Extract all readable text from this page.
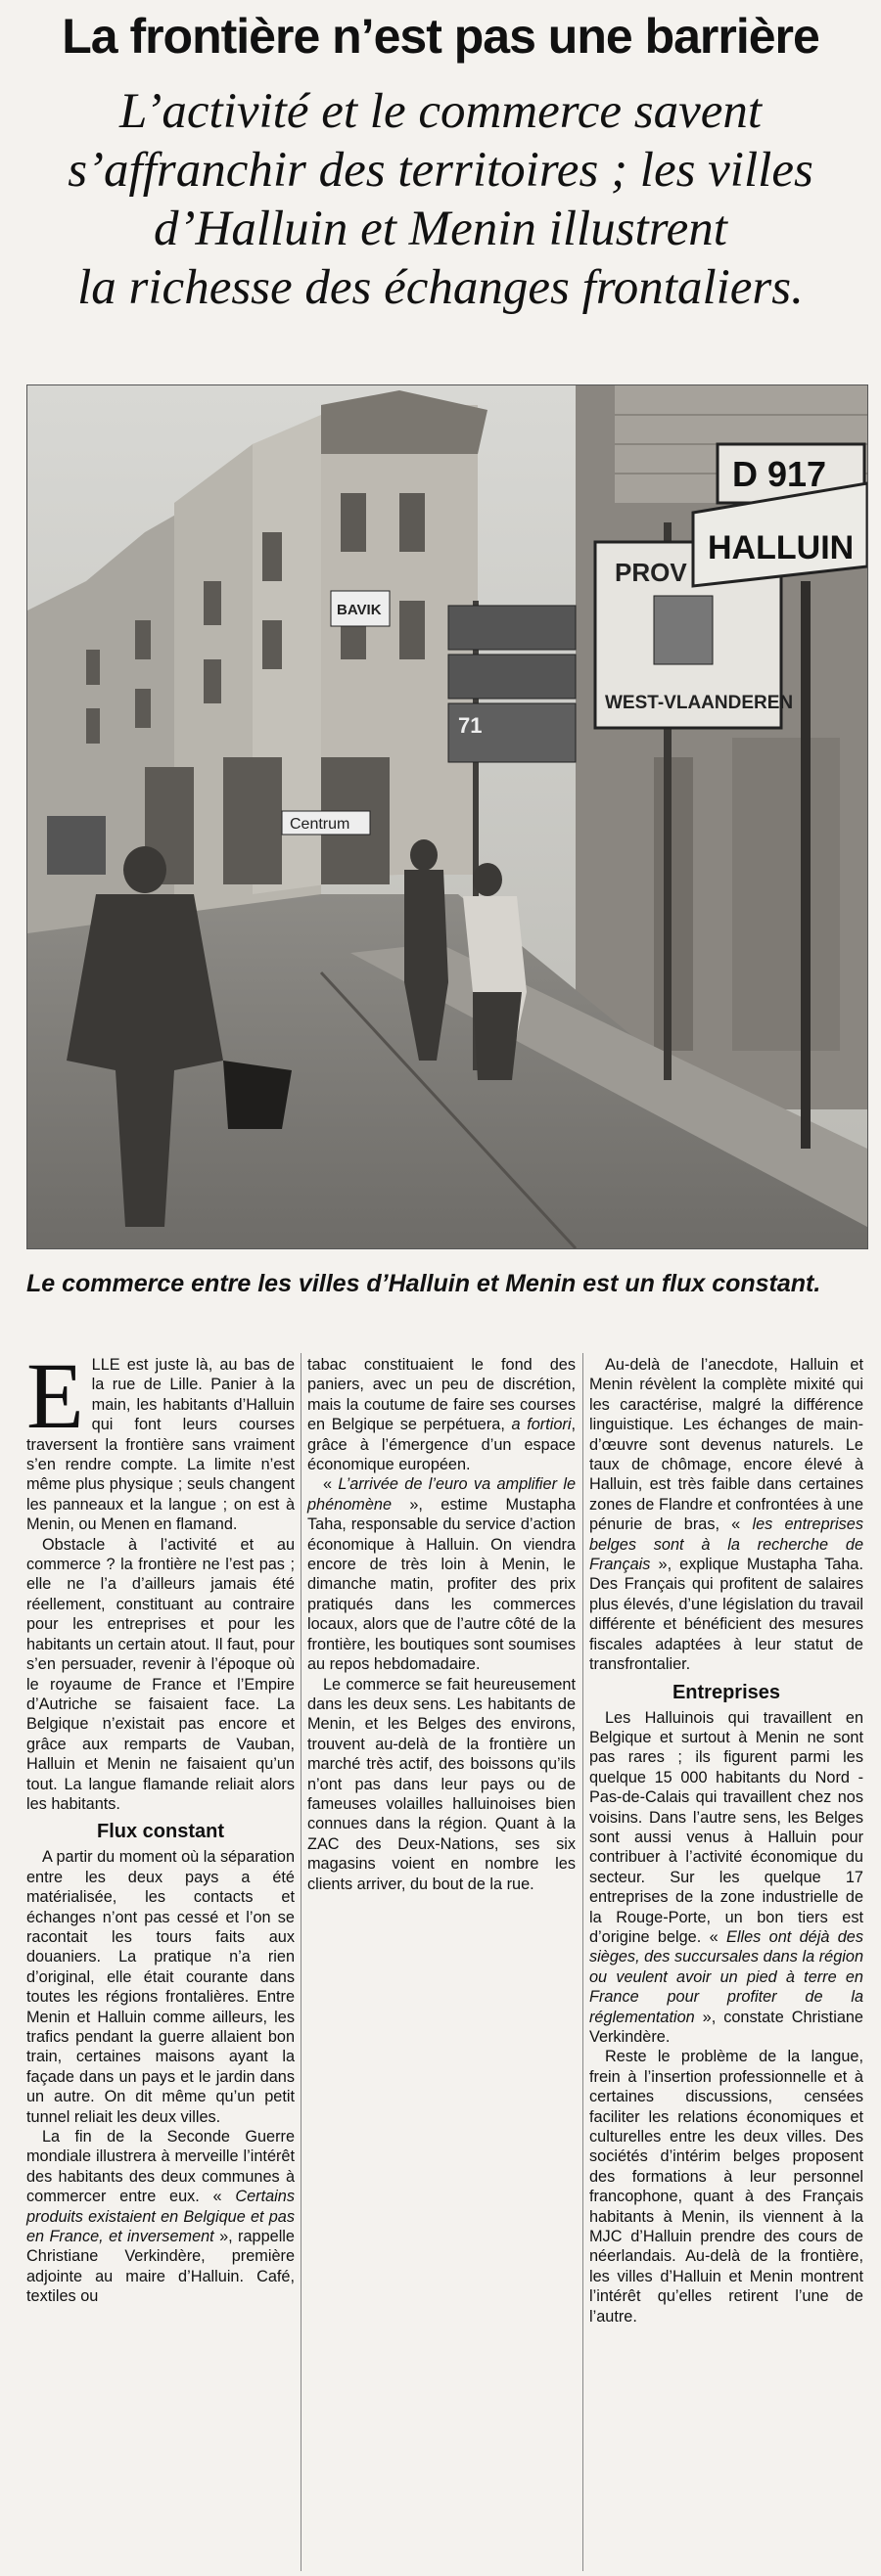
La frontière n’est pas une barrière
L’activité et le commerce savent
s’affranchir des territoires ; les villes
d’Halluin et Menin illustrent
la richesse des échanges frontaliers.
71
Centrum
BAVIK
PROV
WEST-VLAANDEREN
D 917
HALLUIN
Le commerce entre les villes d’Halluin et Menin est un flux constant.

ELLE est juste là, au bas de la rue de Lille. Panier à la main, les habitants d’Halluin qui font leurs courses traversent la frontière sans vraiment s’en rendre compte. La limite n’est même plus physique ; seuls changent les panneaux et la langue ; on est à Menin, ou Menen en flamand.

Obstacle à l’activité et au commerce ? la frontière ne l’est pas ; elle ne l’a d’ailleurs jamais été réellement, constituant au contraire pour les entreprises et pour les habitants un certain atout. Il faut, pour s’en persuader, revenir à l’époque où le royaume de France et l’Empire d’Autriche se faisaient face. La Belgique n’existait pas encore et grâce aux remparts de Vauban, Halluin et Menin ne faisaient qu’un tout. La langue flamande reliait alors les habitants.

Flux constant

A partir du moment où la séparation entre les deux pays a été matérialisée, les contacts et échanges n’ont pas cessé et l’on se racontait les tours faits aux douaniers. La pratique n’a rien d’original, elle était courante dans toutes les régions frontalières. Entre Menin et Halluin comme ailleurs, les trafics pendant la guerre allaient bon train, certaines maisons ayant la façade dans un pays et le jardin dans un autre. On dit même qu’un petit tunnel reliait les deux villes.

La fin de la Seconde Guerre mondiale illustrera à merveille l’intérêt des habitants des deux communes à commercer entre eux. « Certains produits existaient en Belgique et pas en France, et inversement », rappelle Christiane Verkindère, première adjointe au maire d’Halluin. Café, textiles ou

tabac constituaient le fond des paniers, avec un peu de discrétion, mais la coutume de faire ses courses en Belgique se perpétuera, a fortiori, grâce à l’émergence d’un espace économique européen.

« L’arrivée de l’euro va amplifier le phénomène », estime Mustapha Taha, responsable du service d’action économique à Halluin. On viendra encore de très loin à Menin, le dimanche matin, profiter des prix pratiqués dans les commerces locaux, alors que de l’autre côté de la frontière, les boutiques sont soumises au repos hebdomadaire.

Le commerce se fait heureusement dans les deux sens. Les habitants de Menin, et les Belges des environs, trouvent au-delà de la frontière un marché très actif, des boissons qu’ils n’ont pas dans leur pays ou de fameuses volailles halluinoises bien connues dans la région. Quant à la ZAC des Deux-Nations, ses six magasins voient en nombre les clients arriver, du bout de la rue.

Au-delà de l’anecdote, Halluin et Menin révèlent la complète mixité qui les caractérise, malgré la différence linguistique. Les échanges de main-d’œuvre sont devenus naturels. Le taux de chômage, encore élevé à Halluin, est très faible dans certaines zones de Flandre et confrontées à une pénurie de bras, « les entreprises belges sont à la recherche de Français », explique Mustapha Taha. Des Français qui profitent de salaires plus élevés, d’une législation du travail différente et bénéficient des mesures fiscales adaptées à leur statut de transfrontalier.

Entreprises

Les Halluinois qui travaillent en Belgique et surtout à Menin ne sont pas rares ; ils figurent parmi les quelque 15 000 habitants du Nord - Pas-de-Calais qui travaillent chez nos voisins. Dans l’autre sens, les Belges sont aussi venus à Halluin pour contribuer à l’activité économique du secteur. Sur les quelque 17 entreprises de la zone industrielle de la Rouge-Porte, un bon tiers est d’origine belge. « Elles ont déjà des sièges, des succursales dans la région ou veulent avoir un pied à terre en France pour profiter de la réglementation », constate Christiane Verkindère.

Reste le problème de la langue, frein à l’insertion professionnelle et à certaines discussions, censées faciliter les relations économiques et culturelles entre les deux villes. Des sociétés d’intérim belges proposent des formations à leur personnel francophone, quant à des Français habitants à Menin, ils viennent à la MJC d’Halluin prendre des cours de néerlandais. Au-delà de la frontière, les villes d’Halluin et Menin montrent l’intérêt qu’elles retirent l’une de l’autre.
